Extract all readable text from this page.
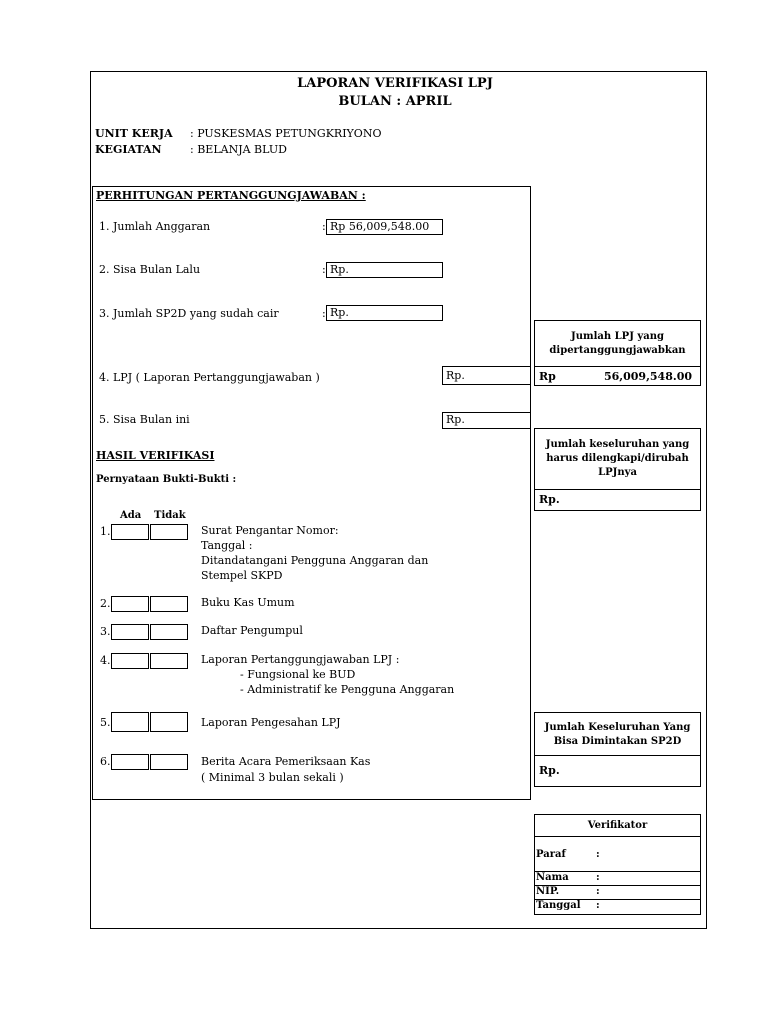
LAPORAN VERIFIKASI LPJ
BULAN : APRIL
UNIT KERJA : PUSKESMAS PETUNGKRIYONO
KEGIATAN	: BELANJA BLUD
PERHITUNGAN PERTANGGUNGJAWABAN :
1. Jumlah Anggaran	: Rp 56,009,548.00
2. Sisa Bulan Lalu	: Rp.
3. Jumlah SP2D yang sudah cair	: Rp.
4. LPJ ( Laporan Pertanggungjawaban )	Rp.
5. Sisa Bulan ini	Rp.
HASIL VERIFIKASI
Pernyataan Bukti-Bukti :
Ada Tidak
1.	Surat Pengantar Nomor:
Tanggal :
Ditandatangani Pengguna Anggaran dan
Stempel SKPD
2.	Buku Kas Umum
3.	Daftar Pengumpul
4.	Laporan Pertanggungjawaban LPJ :
- Fungsional ke BUD
- Administratif ke Pengguna Anggaran
5.	Laporan Pengesahan LPJ
6.	Berita Acara Pemeriksaan Kas
( Minimal 3 bulan sekali )
Jumlah LPJ yang dipertanggungjawabkan
Rp	56,009,548.00
Jumlah keseluruhan yang harus dilengkapi/dirubah LPJnya
Rp.
Jumlah Keseluruhan Yang Bisa Dimintakan SP2D
Rp.
Verifikator
Paraf	:
Nama	:
NIP.	:
Tanggal :
